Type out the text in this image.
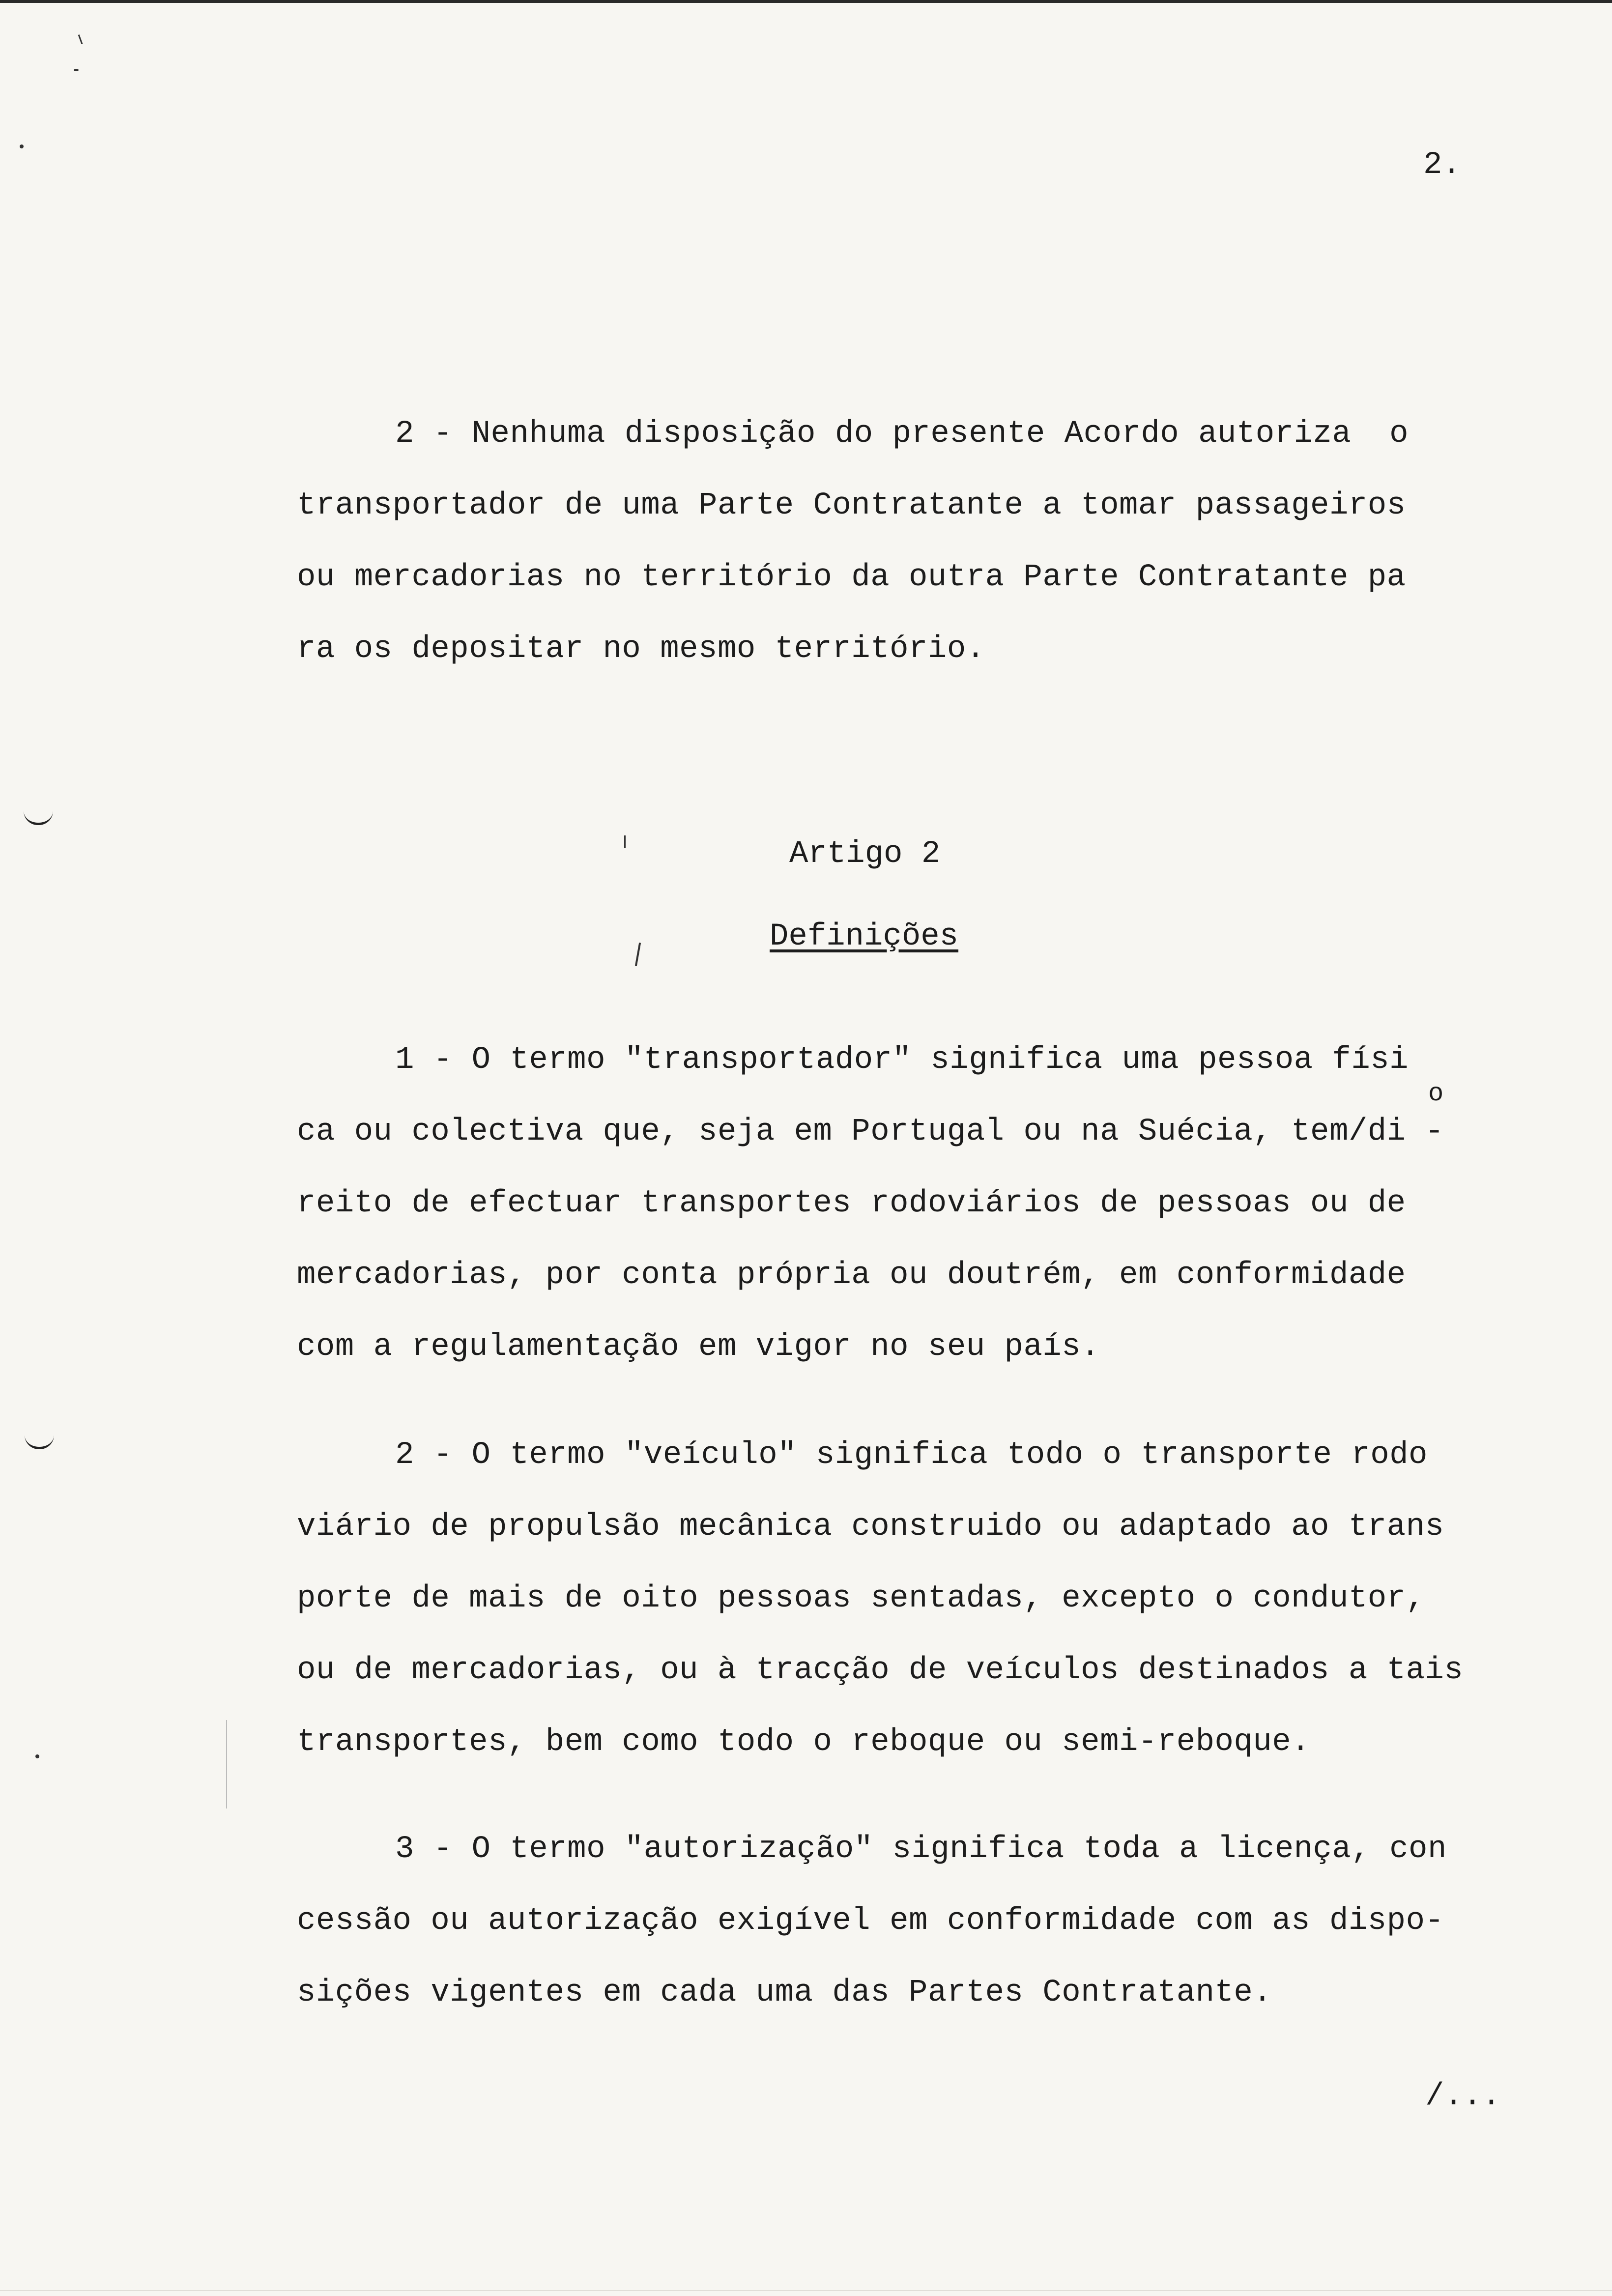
2.
2 - Nenhuma disposição do presente Acordo autoriza  o
transportador de uma Parte Contratante a tomar passageiros
ou mercadorias no território da outra Parte Contratante pa
ra os depositar no mesmo território.
Artigo 2
Definições
1 - O termo "transportador" significa uma pessoa físi
ca ou colectiva que, seja em Portugal ou na Suécia, tem/di -
reito de efectuar transportes rodoviários de pessoas ou de
mercadorias, por conta própria ou doutrém, em conformidade
com a regulamentação em vigor no seu país.
o
2 - O termo "veículo" significa todo o transporte rodo
viário de propulsão mecânica construido ou adaptado ao trans
porte de mais de oito pessoas sentadas, excepto o condutor,
ou de mercadorias, ou à tracção de veículos destinados a tais
transportes, bem como todo o reboque ou semi-reboque.
3 - O termo "autorização" significa toda a licença, con
cessão ou autorização exigível em conformidade com as dispo-
sições vigentes em cada uma das Partes Contratante.
/...
